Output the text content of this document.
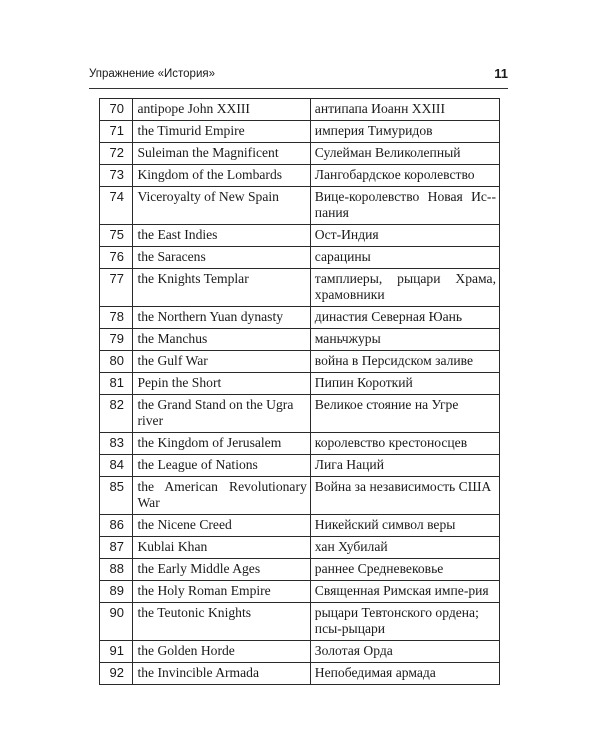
Упражнение «История»	11
70	antipope John XXIII	антипапа Иоанн XXIII
71	the Timurid Empire	империя Тимуридов
72	Suleiman the Magnificent	Сулейман Великолепный
73	Kingdom of the Lombards	Лангобардское королевство
74	Viceroyalty of New Spain	Вице-королевство Новая Ис-пания
75	the East Indies	Ост-Индия
76	the Saracens	сарацины
77	the Knights Templar	тамплиеры, рыцари Храма, храмовники
78	the Northern Yuan dynasty	династия Северная Юань
79	the Manchus	маньчжуры
80	the Gulf War	война в Персидском заливе
81	Pepin the Short	Пипин Короткий
82	the Grand Stand on the Ugra river	Великое стояние на Угре
83	the Kingdom of Jerusalem	королевство крестоносцев
84	the League of Nations	Лига Наций
85	the American Revolutionary War	Война за независимость США
86	the Nicene Creed	Никейский символ веры
87	Kublai Khan	хан Хубилай
88	the Early Middle Ages	раннее Средневековье
89	the Holy Roman Empire	Священная Римская импе-рия
90	the Teutonic Knights	рыцари Тевтонского ордена; псы-рыцари
91	the Golden Horde	Золотая Орда
92	the Invincible Armada	Непобедимая армада
